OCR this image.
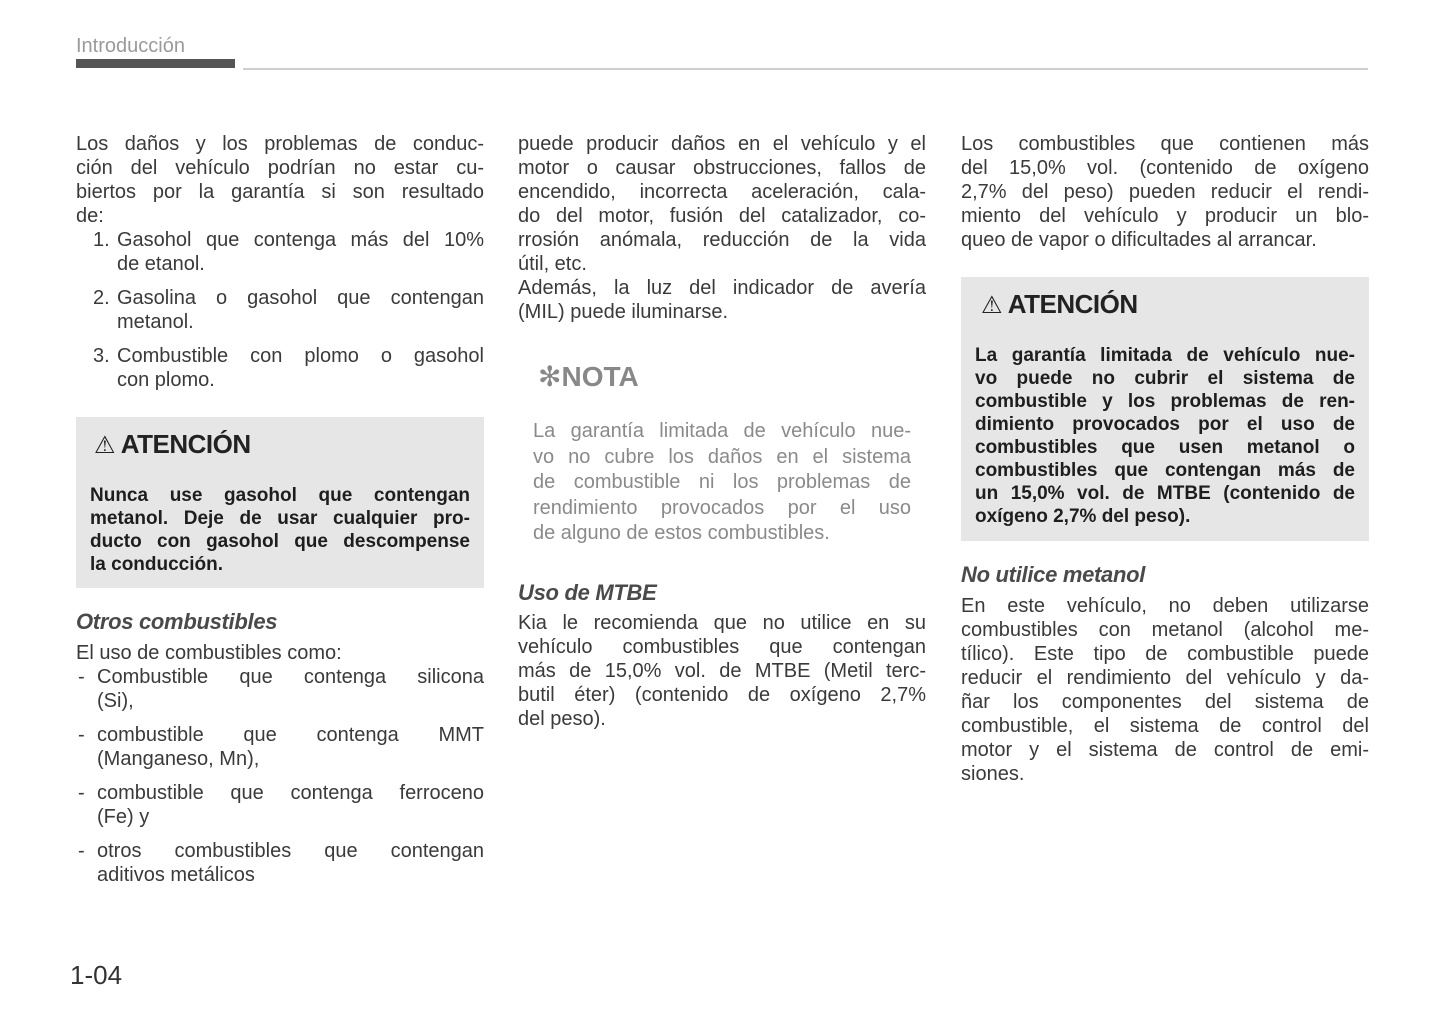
Introducción
Los daños y los problemas de conduc-
ción del vehículo podrían no estar cu-
biertos por la garantía si son resultado
de:
1. Gasohol que contenga más del 10%
de etanol.
2. Gasolina o gasohol que contengan
metanol.
3. Combustible con plomo o gasohol
con plomo.
⚠ ATENCIÓN
Nunca use gasohol que contengan
metanol. Deje de usar cualquier pro-
ducto con gasohol que descompense
la conducción.
Otros combustibles
El uso de combustibles como:
- Combustible que contenga silicona
(Si),
- combustible que contenga MMT
(Manganeso, Mn),
- combustible que contenga ferroceno
(Fe) y
- otros combustibles que contengan
aditivos metálicos
puede producir daños en el vehículo y el
motor o causar obstrucciones, fallos de
encendido, incorrecta aceleración, cala-
do del motor, fusión del catalizador, co-
rrosión anómala, reducción de la vida
útil, etc.
Además, la luz del indicador de avería
(MIL) puede iluminarse.
✻NOTA
La garantía limitada de vehículo nue-
vo no cubre los daños en el sistema
de combustible ni los problemas de
rendimiento provocados por el uso
de alguno de estos combustibles.
Uso de MTBE
Kia le recomienda que no utilice en su
vehículo combustibles que contengan
más de 15,0% vol. de MTBE (Metil terc-
butil éter) (contenido de oxígeno 2,7%
del peso).
Los combustibles que contienen más
del 15,0% vol. (contenido de oxígeno
2,7% del peso) pueden reducir el rendi-
miento del vehículo y producir un blo-
queo de vapor o dificultades al arrancar.
⚠ ATENCIÓN
La garantía limitada de vehículo nue-
vo puede no cubrir el sistema de
combustible y los problemas de ren-
dimiento provocados por el uso de
combustibles que usen metanol o
combustibles que contengan más de
un 15,0% vol. de MTBE (contenido de
oxígeno 2,7% del peso).
No utilice metanol
En este vehículo, no deben utilizarse
combustibles con metanol (alcohol me-
tílico). Este tipo de combustible puede
reducir el rendimiento del vehículo y da-
ñar los componentes del sistema de
combustible, el sistema de control del
motor y el sistema de control de emi-
siones.
1-04
